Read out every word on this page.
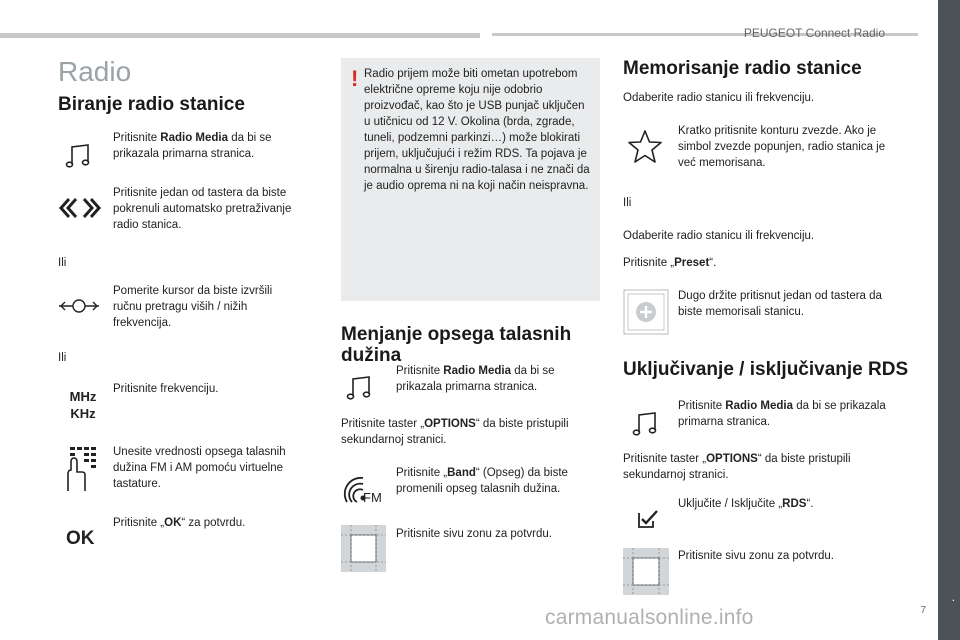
PEUGEOT Connect Radio
.
7
Radio
Biranje radio stanice
Pritisnite Radio Media da bi se prikazala primarna stranica.
Pritisnite jedan od tastera da biste pokrenuli automatsko pretraživanje radio stanica.
Ili
Pomerite kursor da biste izvršili ručnu pretragu viših / nižih frekvencija.
Ili
MHz
KHz
Pritisnite frekvenciju.
Unesite vrednosti opsega talasnih dužina FM i AM pomoću virtuelne tastature.
OK
Pritisnite „OK“ za potvrdu.
! Radio prijem može biti ometan upotrebom električne opreme koju nije odobrio proizvođač, kao što je USB punjač uključen u utičnicu od 12 V. Okolina (brda, zgrade, tuneli, podzemni parkinzi…) može blokirati prijem, uključujući i režim RDS. Ta pojava je normalna u širenju radio-talasa i ne znači da je audio oprema ni na koji način neispravna.
Menjanje opsega talasnih dužina
Pritisnite Radio Media da bi se prikazala primarna stranica.
Pritisnite taster „OPTIONS“ da biste pristupili sekundarnoj stranici.
FM
Pritisnite „Band“ (Opseg) da biste promenili opseg talasnih dužina.
Pritisnite sivu zonu za potvrdu.
Memorisanje radio stanice
Odaberite radio stanicu ili frekvenciju.
Kratko pritisnite konturu zvezde. Ako je simbol zvezde popunjen, radio stanica je već memorisana.
Ili
Odaberite radio stanicu ili frekvenciju.
Pritisnite „Preset“.
Dugo držite pritisnut jedan od tastera da biste memorisali stanicu.
Uključivanje / isključivanje RDS
Pritisnite Radio Media da bi se prikazala primarna stranica.
Pritisnite taster „OPTIONS“ da biste pristupili sekundarnoj stranici.
Uključite / Isključite „RDS“.
Pritisnite sivu zonu za potvrdu.
carmanualsonline.info
